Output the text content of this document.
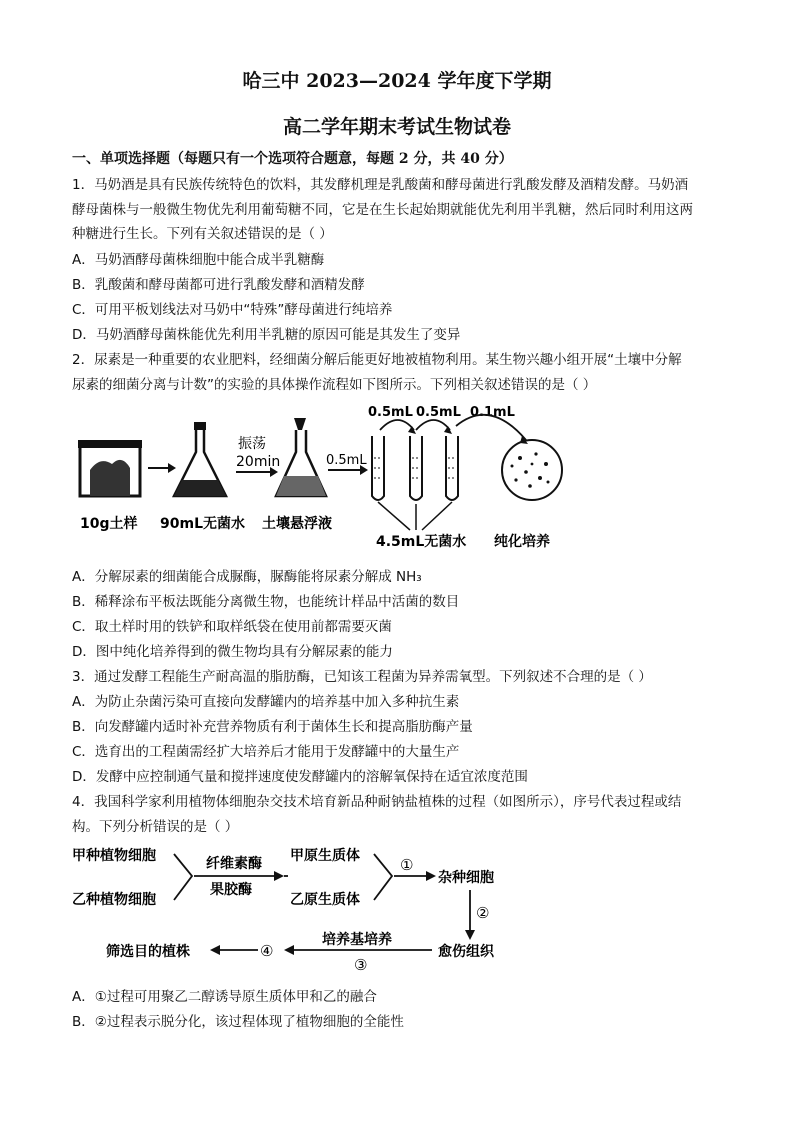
哈三中 2023—2024 学年度下学期
高二学年期末考试生物试卷
一、单项选择题（每题只有一个选项符合题意，每题 2 分，共 40 分）
1．马奶酒是具有民族传统特色的饮料，其发酵机理是乳酸菌和酵母菌进行乳酸发酵及酒精发酵。马奶酒
酵母菌株与一般微生物优先利用葡萄糖不同，它是在生长起始期就能优先利用半乳糖，然后同时利用这两
种糖进行生长。下列有关叙述错误的是（ ）
A．马奶酒酵母菌株细胞中能合成半乳糖酶
B．乳酸菌和酵母菌都可进行乳酸发酵和酒精发酵
C．可用平板划线法对马奶中“特殊”酵母菌进行纯培养
D．马奶酒酵母菌株能优先利用半乳糖的原因可能是其发生了变异
2．尿素是一种重要的农业肥料，经细菌分解后能更好地被植物利用。某生物兴趣小组开展“土壤中分解
尿素的细菌分离与计数”的实验的具体操作流程如下图所示。下列相关叙述错误的是（ ）
振荡
20min	0.5mL
0.5mL 0.5mL 0.1mL
10g土样 90mL无菌水 土壤悬浮液
4.5mL无菌水 纯化培养
A．分解尿素的细菌能合成脲酶，脲酶能将尿素分解成 NH₃
B．稀释涂布平板法既能分离微生物，也能统计样品中活菌的数目
C．取土样时用的铁铲和取样纸袋在使用前都需要灭菌
D．图中纯化培养得到的微生物均具有分解尿素的能力
3．通过发酵工程能生产耐高温的脂肪酶，已知该工程菌为异养需氧型。下列叙述不合理的是（ ）
A．为防止杂菌污染可直接向发酵罐内的培养基中加入多种抗生素
B．向发酵罐内适时补充营养物质有利于菌体生长和提高脂肪酶产量
C．选育出的工程菌需经扩大培养后才能用于发酵罐中的大量生产
D．发酵中应控制通气量和搅拌速度使发酵罐内的溶解氧保持在适宜浓度范围
4．我国科学家利用植物体细胞杂交技术培育新品种耐钠盐植株的过程（如图所示），序号代表过程或结
构。下列分析错误的是（ ）
甲种植物细胞
乙种植物细胞
纤维素酶
果胶酶
甲原生质体
乙原生质体
①
杂种细胞
②
愈伤组织
培养基培养
③
④
筛选目的植株
A．①过程可用聚乙二醇诱导原生质体甲和乙的融合
B．②过程表示脱分化，该过程体现了植物细胞的全能性
